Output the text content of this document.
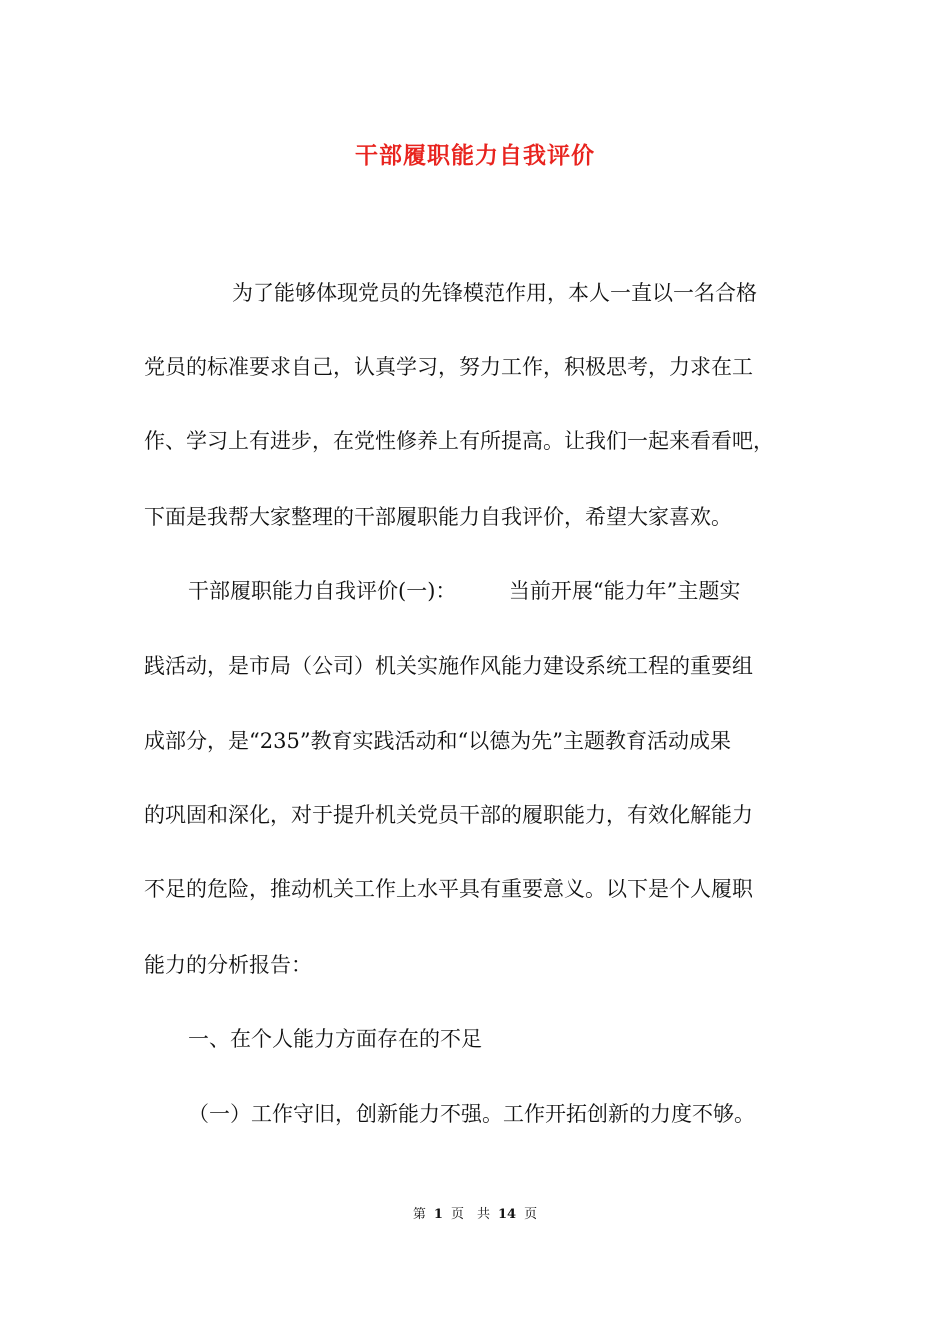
干部履职能力自我评价
为了能够体现党员的先锋模范作用，本人一直以一名合格
党员的标准要求自己，认真学习，努力工作，积极思考，力求在工
作、学习上有进步，在党性修养上有所提高。让我们一起来看看吧，
下面是我帮大家整理的干部履职能力自我评价，希望大家喜欢。
干部履职能力自我评价(一)：　　　当前开展“能力年”主题实
践活动，是市局（公司）机关实施作风能力建设系统工程的重要组
成部分，是“235”教育实践活动和“以德为先”主题教育活动成果
的巩固和深化，对于提升机关党员干部的履职能力，有效化解能力
不足的危险，推动机关工作上水平具有重要意义。以下是个人履职
能力的分析报告：
一、在个人能力方面存在的不足
（一）工作守旧，创新能力不强。工作开拓创新的力度不够。
第 1 页　共 14 页
